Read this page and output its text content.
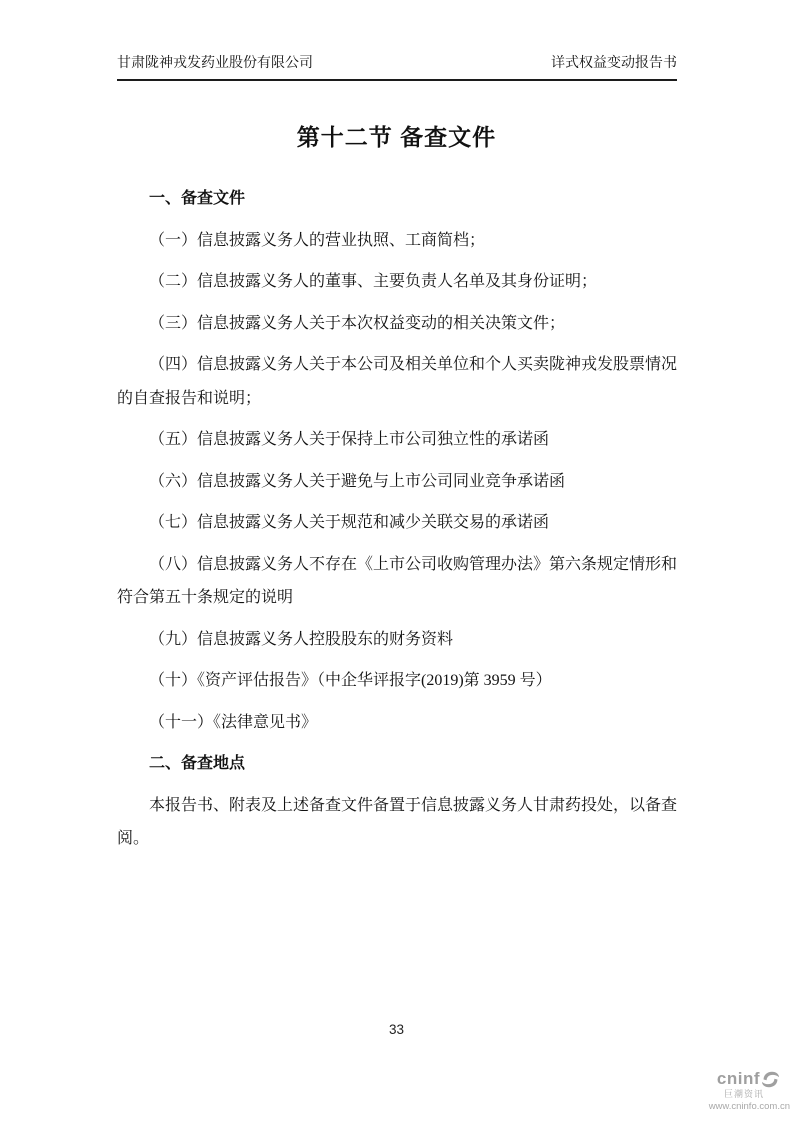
甘肃陇神戎发药业股份有限公司	详式权益变动报告书
第十二节 备查文件

一、备查文件

（一）信息披露义务人的营业执照、工商简档；

（二）信息披露义务人的董事、主要负责人名单及其身份证明；

（三）信息披露义务人关于本次权益变动的相关决策文件；

（四）信息披露义务人关于本公司及相关单位和个人买卖陇神戎发股票情况的自查报告和说明；

（五）信息披露义务人关于保持上市公司独立性的承诺函

（六）信息披露义务人关于避免与上市公司同业竞争承诺函

（七）信息披露义务人关于规范和减少关联交易的承诺函

（八）信息披露义务人不存在《上市公司收购管理办法》第六条规定情形和符合第五十条规定的说明

（九）信息披露义务人控股股东的财务资料

（十）《资产评估报告》（中企华评报字(2019)第 3959 号）

（十一）《法律意见书》

二、备查地点

本报告书、附表及上述备查文件备置于信息披露义务人甘肃药投处，以备查阅。

33
cninf
巨潮资讯
www.cninfo.com.cn
